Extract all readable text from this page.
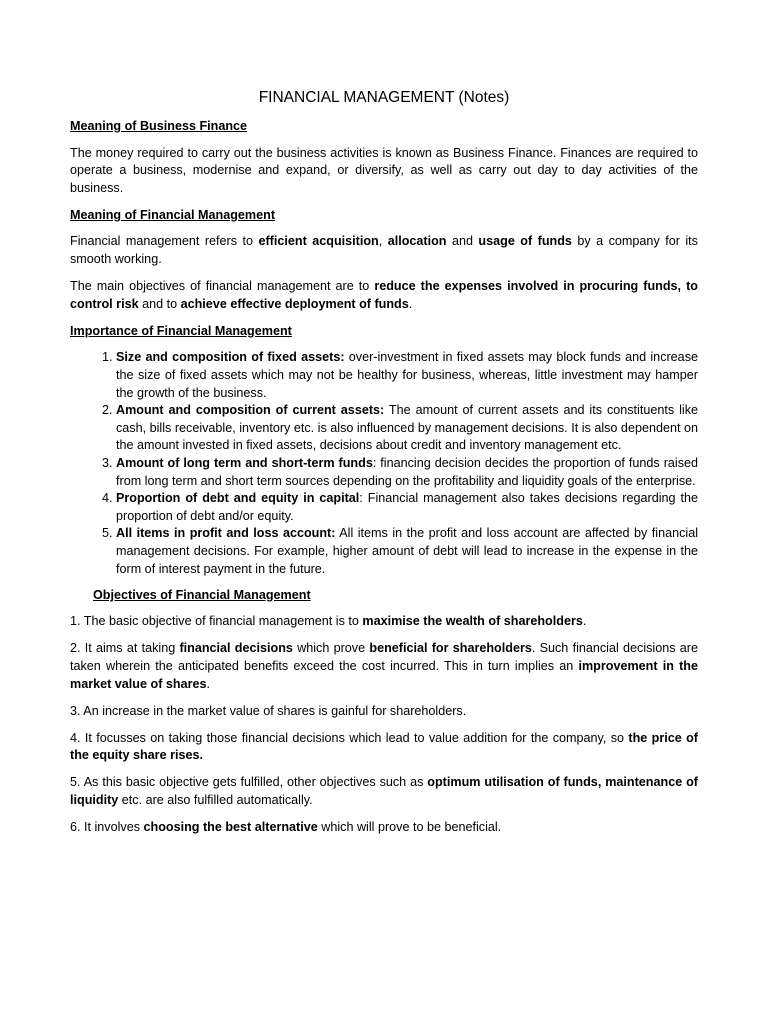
FINANCIAL MANAGEMENT (Notes)
Meaning of Business Finance

The money required to carry out the business activities is known as Business Finance. Finances are required to operate a business, modernise and expand, or diversify, as well as carry out day to day activities of the business.

Meaning of Financial Management

Financial management refers to efficient acquisition, allocation and usage of funds by a company for its smooth working.

The main objectives of financial management are to reduce the expenses involved in procuring funds, to control risk and to achieve effective deployment of funds.

Importance of Financial Management
1. Size and composition of fixed assets: over-investment in fixed assets may block funds and increase the size of fixed assets which may not be healthy for business, whereas, little investment may hamper the growth of the business.
2. Amount and composition of current assets: The amount of current assets and its constituents like cash, bills receivable, inventory etc. is also influenced by management decisions. It is also dependent on the amount invested in fixed assets, decisions about credit and inventory management etc.
3. Amount of long term and short-term funds: financing decision decides the proportion of funds raised from long term and short term sources depending on the profitability and liquidity goals of the enterprise.
4. Proportion of debt and equity in capital: Financial management also takes decisions regarding the proportion of debt and/or equity.
5. All items in profit and loss account: All items in the profit and loss account are affected by financial management decisions. For example, higher amount of debt will lead to increase in the expense in the form of interest payment in the future.
Objectives of Financial Management

1. The basic objective of financial management is to maximise the wealth of shareholders.

2. It aims at taking financial decisions which prove beneficial for shareholders. Such financial decisions are taken wherein the anticipated benefits exceed the cost incurred. This in turn implies an improvement in the market value of shares.

3. An increase in the market value of shares is gainful for shareholders.

4. It focusses on taking those financial decisions which lead to value addition for the company, so the price of the equity share rises.

5. As this basic objective gets fulfilled, other objectives such as optimum utilisation of funds, maintenance of liquidity etc. are also fulfilled automatically.

6. It involves choosing the best alternative which will prove to be beneficial.
